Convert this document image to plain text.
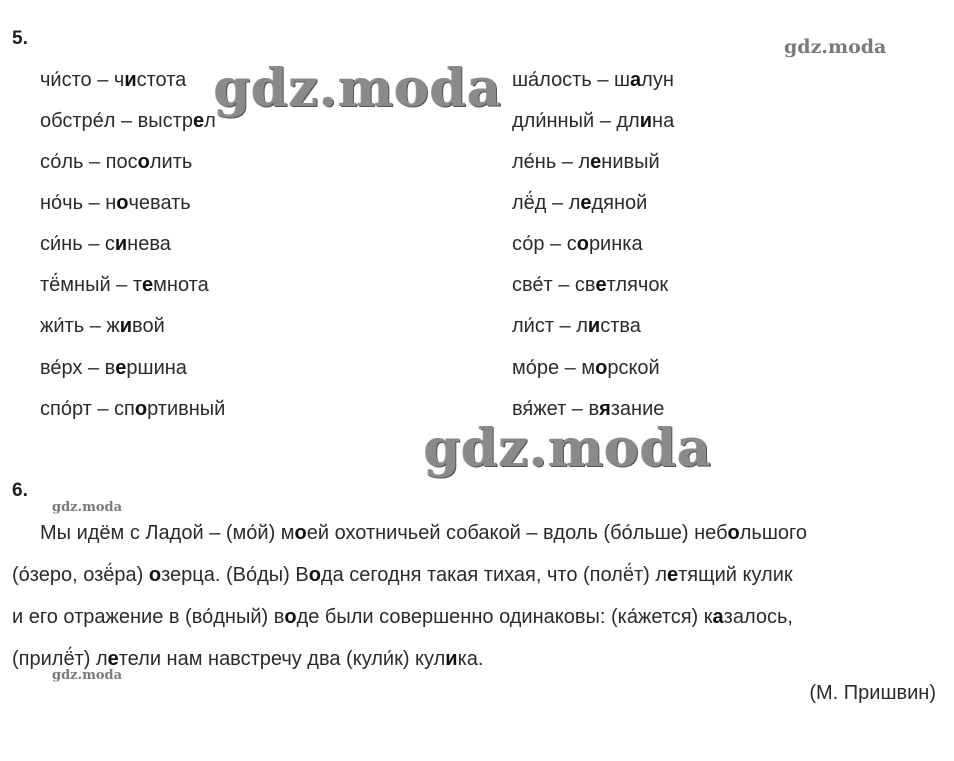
gdz.moda
gdz.moda
gdz.moda
gdz.moda
gdz.moda
5.
чи́сто – чистота
обстре́л – выстрел
со́ль – посолить
но́чь – ночевать
си́нь – синева
тё́мный – темнота
жи́ть – живой
ве́рх – вершина
спо́рт – спортивный
ша́лость – шалун
дли́нный – длина
ле́нь – ленивый
лё́д – ледяной
со́р – соринка
све́т – светлячок
ли́ст – листва
мо́ре – морской
вя́жет – вязание
6.
Мы идём с Ладой – (мо́й) моей охотничьей собакой – вдоль (бо́льше) небольшого
(о́зеро, озё́ра) озерца. (Во́ды) Вода сегодня такая тихая, что (полё́т) летящий кулик
и его отражение в (во́дный) воде были совершенно одинаковы: (ка́жется) казалось,
(прилё́т) летели нам навстречу два (кули́к) кулика.
(М. Пришвин)
